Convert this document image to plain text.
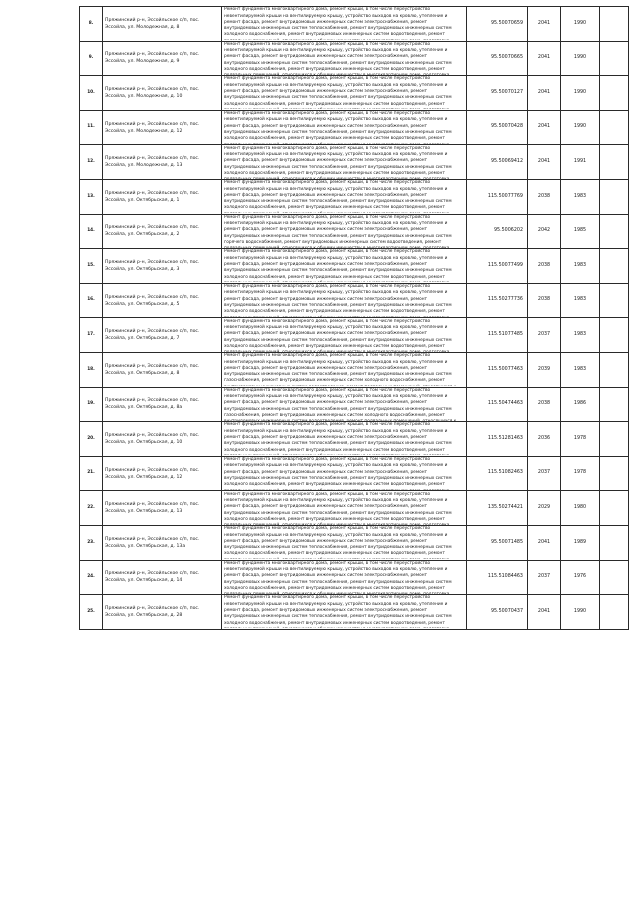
8.	Пряжинский р-н, Эссойльское с/п, пос. Эссойла, ул. Молодежная, д. 8	Ремонт фундамента многоквартирного дома, ремонт крыши, в том числе переустройство невентилируемой крыши на вентилируемую крышу, устройство выходов на кровлю, утепление и ремонт фасада, ремонт внутридомовых инженерных систем электроснабжения, ремонт внутридомовых инженерных систем теплоснабжения, ремонт внутридомовых инженерных систем холодного водоснабжения, ремонт внутридомовых инженерных систем водоотведения, ремонт	95.50070659	2041	1990	
9.	Пряжинский р-н, Эссойльское с/п, пос. Эссойла, ул. Молодежная, д. 9	Ремонт фундамента многоквартирного дома, ремонт крыши, в том числе переустройство невентилируемой крыши на вентилируемую крышу, устройство выходов на кровлю, утепление и ремонт фасада, ремонт внутридомовых инженерных систем электроснабжения, ремонт внутридомовых инженерных систем теплоснабжения, ремонт внутридомовых инженерных систем холодного водоснабжения, ремонт внутридомовых инженерных систем водоотведения, ремонт	95.50070665	2041	1990	
10.	Пряжинский р-н, Эссойльское с/п, пос. Эссойла, ул. Молодежная, д. 10	Ремонт фундамента многоквартирного дома, ремонт крыши, в том числе переустройство невентилируемой крыши на вентилируемую крышу, устройство выходов на кровлю, утепление и ремонт фасада, ремонт внутридомовых инженерных систем электроснабжения, ремонт внутридомовых инженерных систем теплоснабжения, ремонт внутридомовых инженерных систем холодного водоснабжения, ремонт внутридомовых инженерных систем водоотведения, ремонт	95.50070127	2041	1990	
11.	Пряжинский р-н, Эссойльское с/п, пос. Эссойла, ул. Молодежная, д. 12	Ремонт фундамента многоквартирного дома, ремонт крыши, в том числе переустройство невентилируемой крыши на вентилируемую крышу, устройство выходов на кровлю, утепление и ремонт фасада, ремонт внутридомовых инженерных систем электроснабжения, ремонт внутридомовых инженерных систем теплоснабжения, ремонт внутридомовых инженерных систем холодного водоснабжения, ремонт внутридомовых инженерных систем водоотведения, ремонт	95.50070428	2041	1990	
12.	Пряжинский р-н, Эссойльское с/п, пос. Эссойла, ул. Молодежная, д. 13	Ремонт фундамента многоквартирного дома, ремонт крыши, в том числе переустройство невентилируемой крыши на вентилируемую крышу, устройство выходов на кровлю, утепление и ремонт фасада, ремонт внутридомовых инженерных систем электроснабжения, ремонт внутридомовых инженерных систем теплоснабжения, ремонт внутридомовых инженерных систем холодного водоснабжения, ремонт внутридомовых инженерных систем водоотведения, ремонт	95.50069412	2041	1991	
13.	Пряжинский р-н, Эссойльское с/п, пос. Эссойла, ул. Октябрьская, д. 1	Ремонт фундамента многоквартирного дома, ремонт крыши, в том числе переустройство невентилируемой крыши на вентилируемую крышу, устройство выходов на кровлю, утепление и ремонт фасада, ремонт внутридомовых инженерных систем электроснабжения, ремонт внутридомовых инженерных систем теплоснабжения, ремонт внутридомовых инженерных систем холодного водоснабжения, ремонт внутридомовых инженерных систем водоотведения, ремонт	115.50077769	2038	1983	
14.	Пряжинский р-н, Эссойльское с/п, пос. Эссойла, ул. Октябрьская, д. 2	Ремонт фундамента многоквартирного дома, ремонт крыши, в том числе переустройство невентилируемой крыши на вентилируемую крышу, устройство выходов на кровлю, утепление и ремонт фасада, ремонт внутридомовых инженерных систем электроснабжения, ремонт внутридомовых инженерных систем теплоснабжения, ремонт внутридомовых инженерных систем горячего водоснабжения, ремонт внутридомовых инженерных систем водоотведения, ремонт	95.5006202	2042	1985	
15.	Пряжинский р-н, Эссойльское с/п, пос. Эссойла, ул. Октябрьская, д. 3	Ремонт фундамента многоквартирного дома, ремонт крыши, в том числе переустройство невентилируемой крыши на вентилируемую крышу, устройство выходов на кровлю, утепление и ремонт фасада, ремонт внутридомовых инженерных систем электроснабжения, ремонт внутридомовых инженерных систем теплоснабжения, ремонт внутридомовых инженерных систем холодного водоснабжения, ремонт внутридомовых инженерных систем водоотведения, ремонт	115.50077499	2038	1983	
16.	Пряжинский р-н, Эссойльское с/п, пос. Эссойла, ул. Октябрьская, д. 5	Ремонт фундамента многоквартирного дома, ремонт крыши, в том числе переустройство невентилируемой крыши на вентилируемую крышу, устройство выходов на кровлю, утепление и ремонт фасада, ремонт внутридомовых инженерных систем электроснабжения, ремонт внутридомовых инженерных систем теплоснабжения, ремонт внутридомовых инженерных систем холодного водоснабжения, ремонт внутридомовых инженерных систем водоотведения, ремонт	115.50277736	2038	1983	
17.	Пряжинский р-н, Эссойльское с/п, пос. Эссойла, ул. Октябрьская, д. 7	Ремонт фундамента многоквартирного дома, ремонт крыши, в том числе переустройство невентилируемой крыши на вентилируемую крышу, устройство выходов на кровлю, утепление и ремонт фасада, ремонт внутридомовых инженерных систем электроснабжения, ремонт внутридомовых инженерных систем теплоснабжения, ремонт внутридомовых инженерных систем холодного водоснабжения, ремонт внутридомовых инженерных систем водоотведения, ремонт	115.51077485	2037	1983	
18.	Пряжинский р-н, Эссойльское с/п, пос. Эссойла, ул. Октябрьская, д. 8	Ремонт фундамента многоквартирного дома, ремонт крыши, в том числе переустройство невентилируемой крыши на вентилируемую крышу, устройство выходов на кровлю, утепление и ремонт фасада, ремонт внутридомовых инженерных систем электроснабжения, ремонт внутридомовых инженерных систем теплоснабжения, ремонт внутридомовых инженерных систем газоснабжения, ремонт внутридомовых инженерных систем холодного водоснабжения, ремонт	115.50077463	2039	1983	
19.	Пряжинский р-н, Эссойльское с/п, пос. Эссойла, ул. Октябрьская, д. 8а	Ремонт фундамента многоквартирного дома, ремонт крыши, в том числе переустройство невентилируемой крыши на вентилируемую крышу, устройство выходов на кровлю, утепление и ремонт фасада, ремонт внутридомовых инженерных систем электроснабжения, ремонт внутридомовых инженерных систем теплоснабжения, ремонт внутридомовых инженерных систем газоснабжения, ремонт внутридомовых инженерных систем холодного водоснабжения, ремонт	115.50474463	2038	1986	
20.	Пряжинский р-н, Эссойльское с/п, пос. Эссойла, ул. Октябрьская, д. 10	Ремонт фундамента многоквартирного дома, ремонт крыши, в том числе переустройство невентилируемой крыши на вентилируемую крышу, устройство выходов на кровлю, утепление и ремонт фасада, ремонт внутридомовых инженерных систем электроснабжения, ремонт внутридомовых инженерных систем теплоснабжения, ремонт внутридомовых инженерных систем холодного водоснабжения, ремонт внутридомовых инженерных систем водоотведения, ремонт	115.51281463	2036	1978	
21.	Пряжинский р-н, Эссойльское с/п, пос. Эссойла, ул. Октябрьская, д. 12	Ремонт фундамента многоквартирного дома, ремонт крыши, в том числе переустройство невентилируемой крыши на вентилируемую крышу, устройство выходов на кровлю, утепление и ремонт фасада, ремонт внутридомовых инженерных систем электроснабжения, ремонт внутридомовых инженерных систем теплоснабжения, ремонт внутридомовых инженерных систем холодного водоснабжения, ремонт внутридомовых инженерных систем водоотведения, ремонт	115.51082463	2037	1978	
22.	Пряжинский р-н, Эссойльское с/п, пос. Эссойла, ул. Октябрьская, д. 13	Ремонт фундамента многоквартирного дома, ремонт крыши, в том числе переустройство невентилируемой крыши на вентилируемую крышу, устройство выходов на кровлю, утепление и ремонт фасада, ремонт внутридомовых инженерных систем электроснабжения, ремонт внутридомовых инженерных систем теплоснабжения, ремонт внутридомовых инженерных систем холодного водоснабжения, ремонт внутридомовых инженерных систем водоотведения, ремонт	135.50274421	2029	1980	
23.	Пряжинский р-н, Эссойльское с/п, пос. Эссойла, ул. Октябрьская, д. 13а	Ремонт фундамента многоквартирного дома, ремонт крыши, в том числе переустройство невентилируемой крыши на вентилируемую крышу, устройство выходов на кровлю, утепление и ремонт фасада, ремонт внутридомовых инженерных систем электроснабжения, ремонт внутридомовых инженерных систем теплоснабжения, ремонт внутридомовых инженерных систем холодного водоснабжения, ремонт внутридомовых инженерных систем водоотведения, ремонт	95.50071485	2041	1989	
24.	Пряжинский р-н, Эссойльское с/п, пос. Эссойла, ул. Октябрьская, д. 14	Ремонт фундамента многоквартирного дома, ремонт крыши, в том числе переустройство невентилируемой крыши на вентилируемую крышу, устройство выходов на кровлю, утепление и ремонт фасада, ремонт внутридомовых инженерных систем электроснабжения, ремонт внутридомовых инженерных систем теплоснабжения, ремонт внутридомовых инженерных систем холодного водоснабжения, ремонт внутридомовых инженерных систем водоотведения, ремонт	115.51084463	2037	1976	
25.	Пряжинский р-н, Эссойльское с/п, пос. Эссойла, ул. Октябрьская, д. 28	Ремонт фундамента многоквартирного дома, ремонт крыши, в том числе переустройство невентилируемой крыши на вентилируемую крышу, устройство выходов на кровлю, утепление и ремонт фасада, ремонт внутридомовых инженерных систем электроснабжения, ремонт внутридомовых инженерных систем теплоснабжения, ремонт внутридомовых инженерных систем холодного водоснабжения, ремонт внутридомовых инженерных систем водоотведения, ремонт	95.50070437	2041	1990	
